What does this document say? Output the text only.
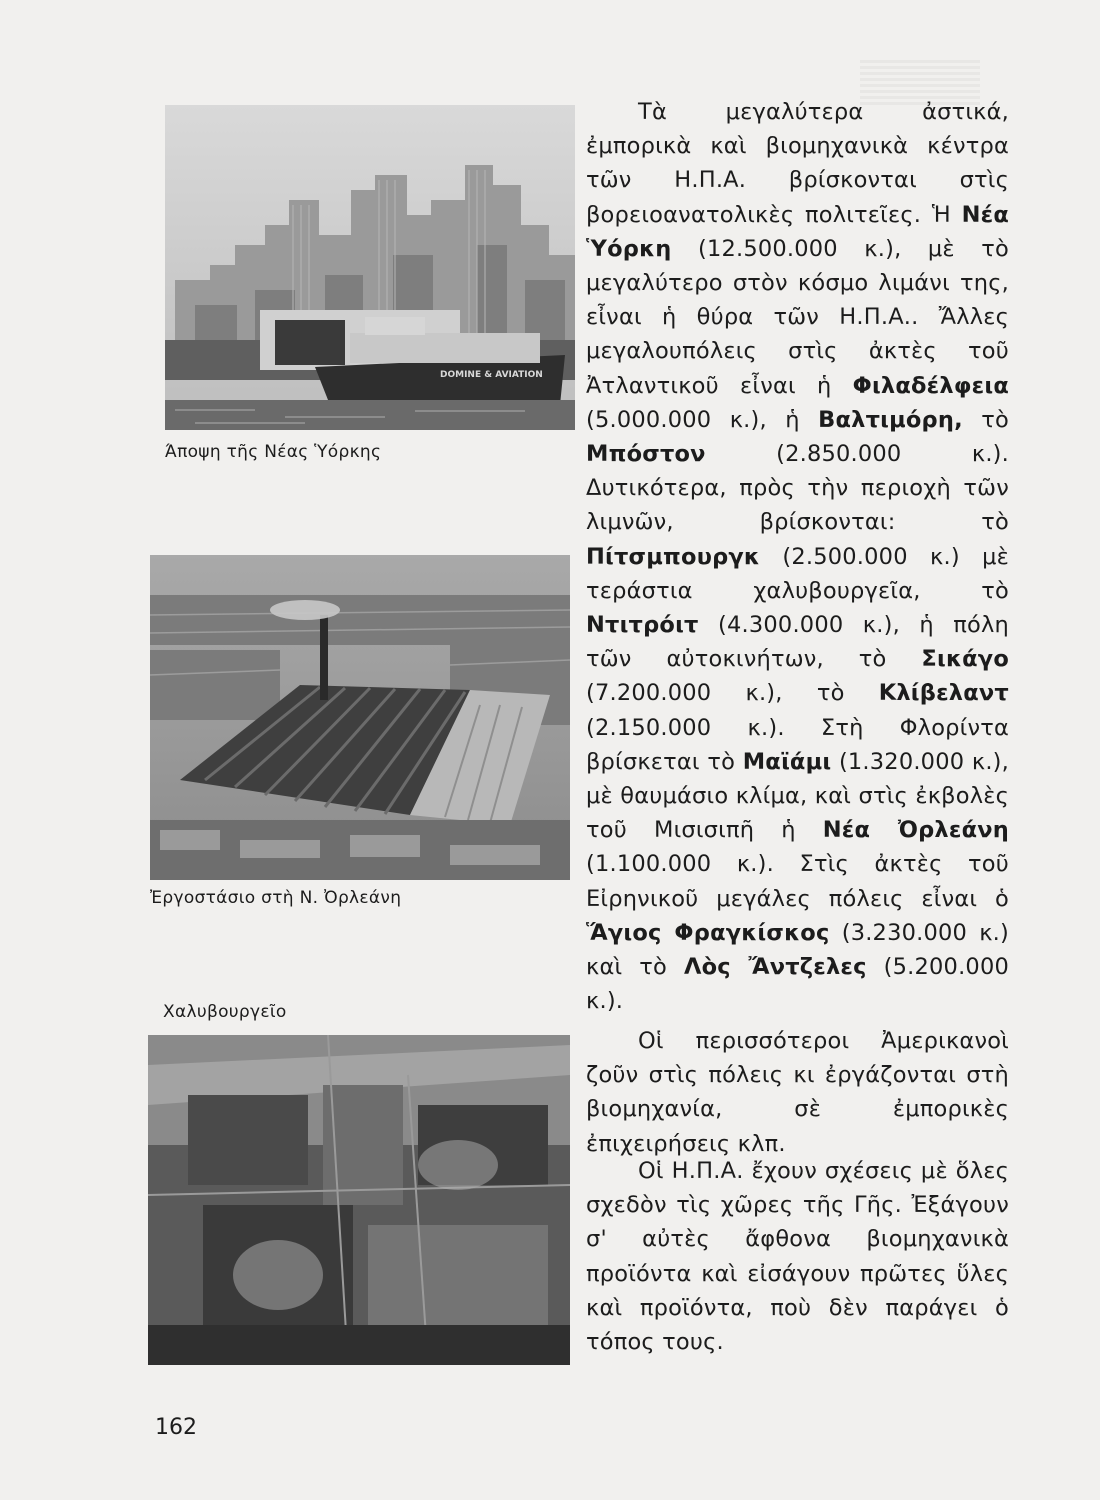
DOMINE & AVIATION
Άποψη τῆς Νέας Ὑόρκης
Ἐργοστάσιο στὴ Ν. Ὀρλεάνη
Χαλυβουργεῖο

Τὰ μεγαλύτερα ἀστικά, ἐμπορικὰ καὶ βιομηχανικὰ κέντρα τῶν Η.Π.Α. βρίσκονται στὶς βορειοανατολικὲς πολιτεῖες. Ἡ Νέα Ὑόρκη (12.500.000 κ.), μὲ τὸ μεγαλύτερο στὸν κόσμο λιμάνι της, εἶναι ἡ θύρα τῶν Η.Π.Α.. Ἄλλες μεγαλουπόλεις στὶς ἀκτὲς τοῦ Ἀτλαντικοῦ εἶναι ἡ Φιλαδέλφεια (5.000.000 κ.), ἡ Βαλτιμόρη, τὸ Μπόστον (2.850.000 κ.). Δυτικότερα, πρὸς τὴν περιοχὴ τῶν λιμνῶν, βρίσκονται: τὸ Πίτσμπουργκ (2.500.000 κ.) μὲ τεράστια χαλυβουργεῖα, τὸ Ντιτρόιτ (4.300.000 κ.), ἡ πόλη τῶν αὐτοκινήτων, τὸ Σικάγο (7.200.000 κ.), τὸ Κλίβελαντ (2.150.000 κ.). Στὴ Φλορίντα βρίσκεται τὸ Μαϊάμι (1.320.000 κ.), μὲ θαυμάσιο κλίμα, καὶ στὶς ἐκβολὲς τοῦ Μισισιπῆ ἡ Νέα Ὀρλεάνη (1.100.000 κ.). Στὶς ἀκτὲς τοῦ Εἰρηνικοῦ μεγάλες πόλεις εἶναι ὁ Ἅγιος Φραγκίσκος (3.230.000 κ.) καὶ τὸ Λὸς Ἄντζελες (5.200.000 κ.).

Οἱ περισσότεροι Ἀμερικανοὶ ζοῦν στὶς πόλεις κι ἐργάζονται στὴ βιομηχανία, σὲ ἐμπορικὲς ἐπιχειρήσεις κλπ.

Οἱ Η.Π.Α. ἔχουν σχέσεις μὲ ὅλες σχεδὸν τὶς χῶρες τῆς Γῆς. Ἐξάγουν σ' αὐτὲς ἄφθονα βιομηχανικὰ προϊόντα καὶ εἰσάγουν πρῶτες ὕλες καὶ προϊόντα, ποὺ δὲν παράγει ὁ τόπος τους.

162
